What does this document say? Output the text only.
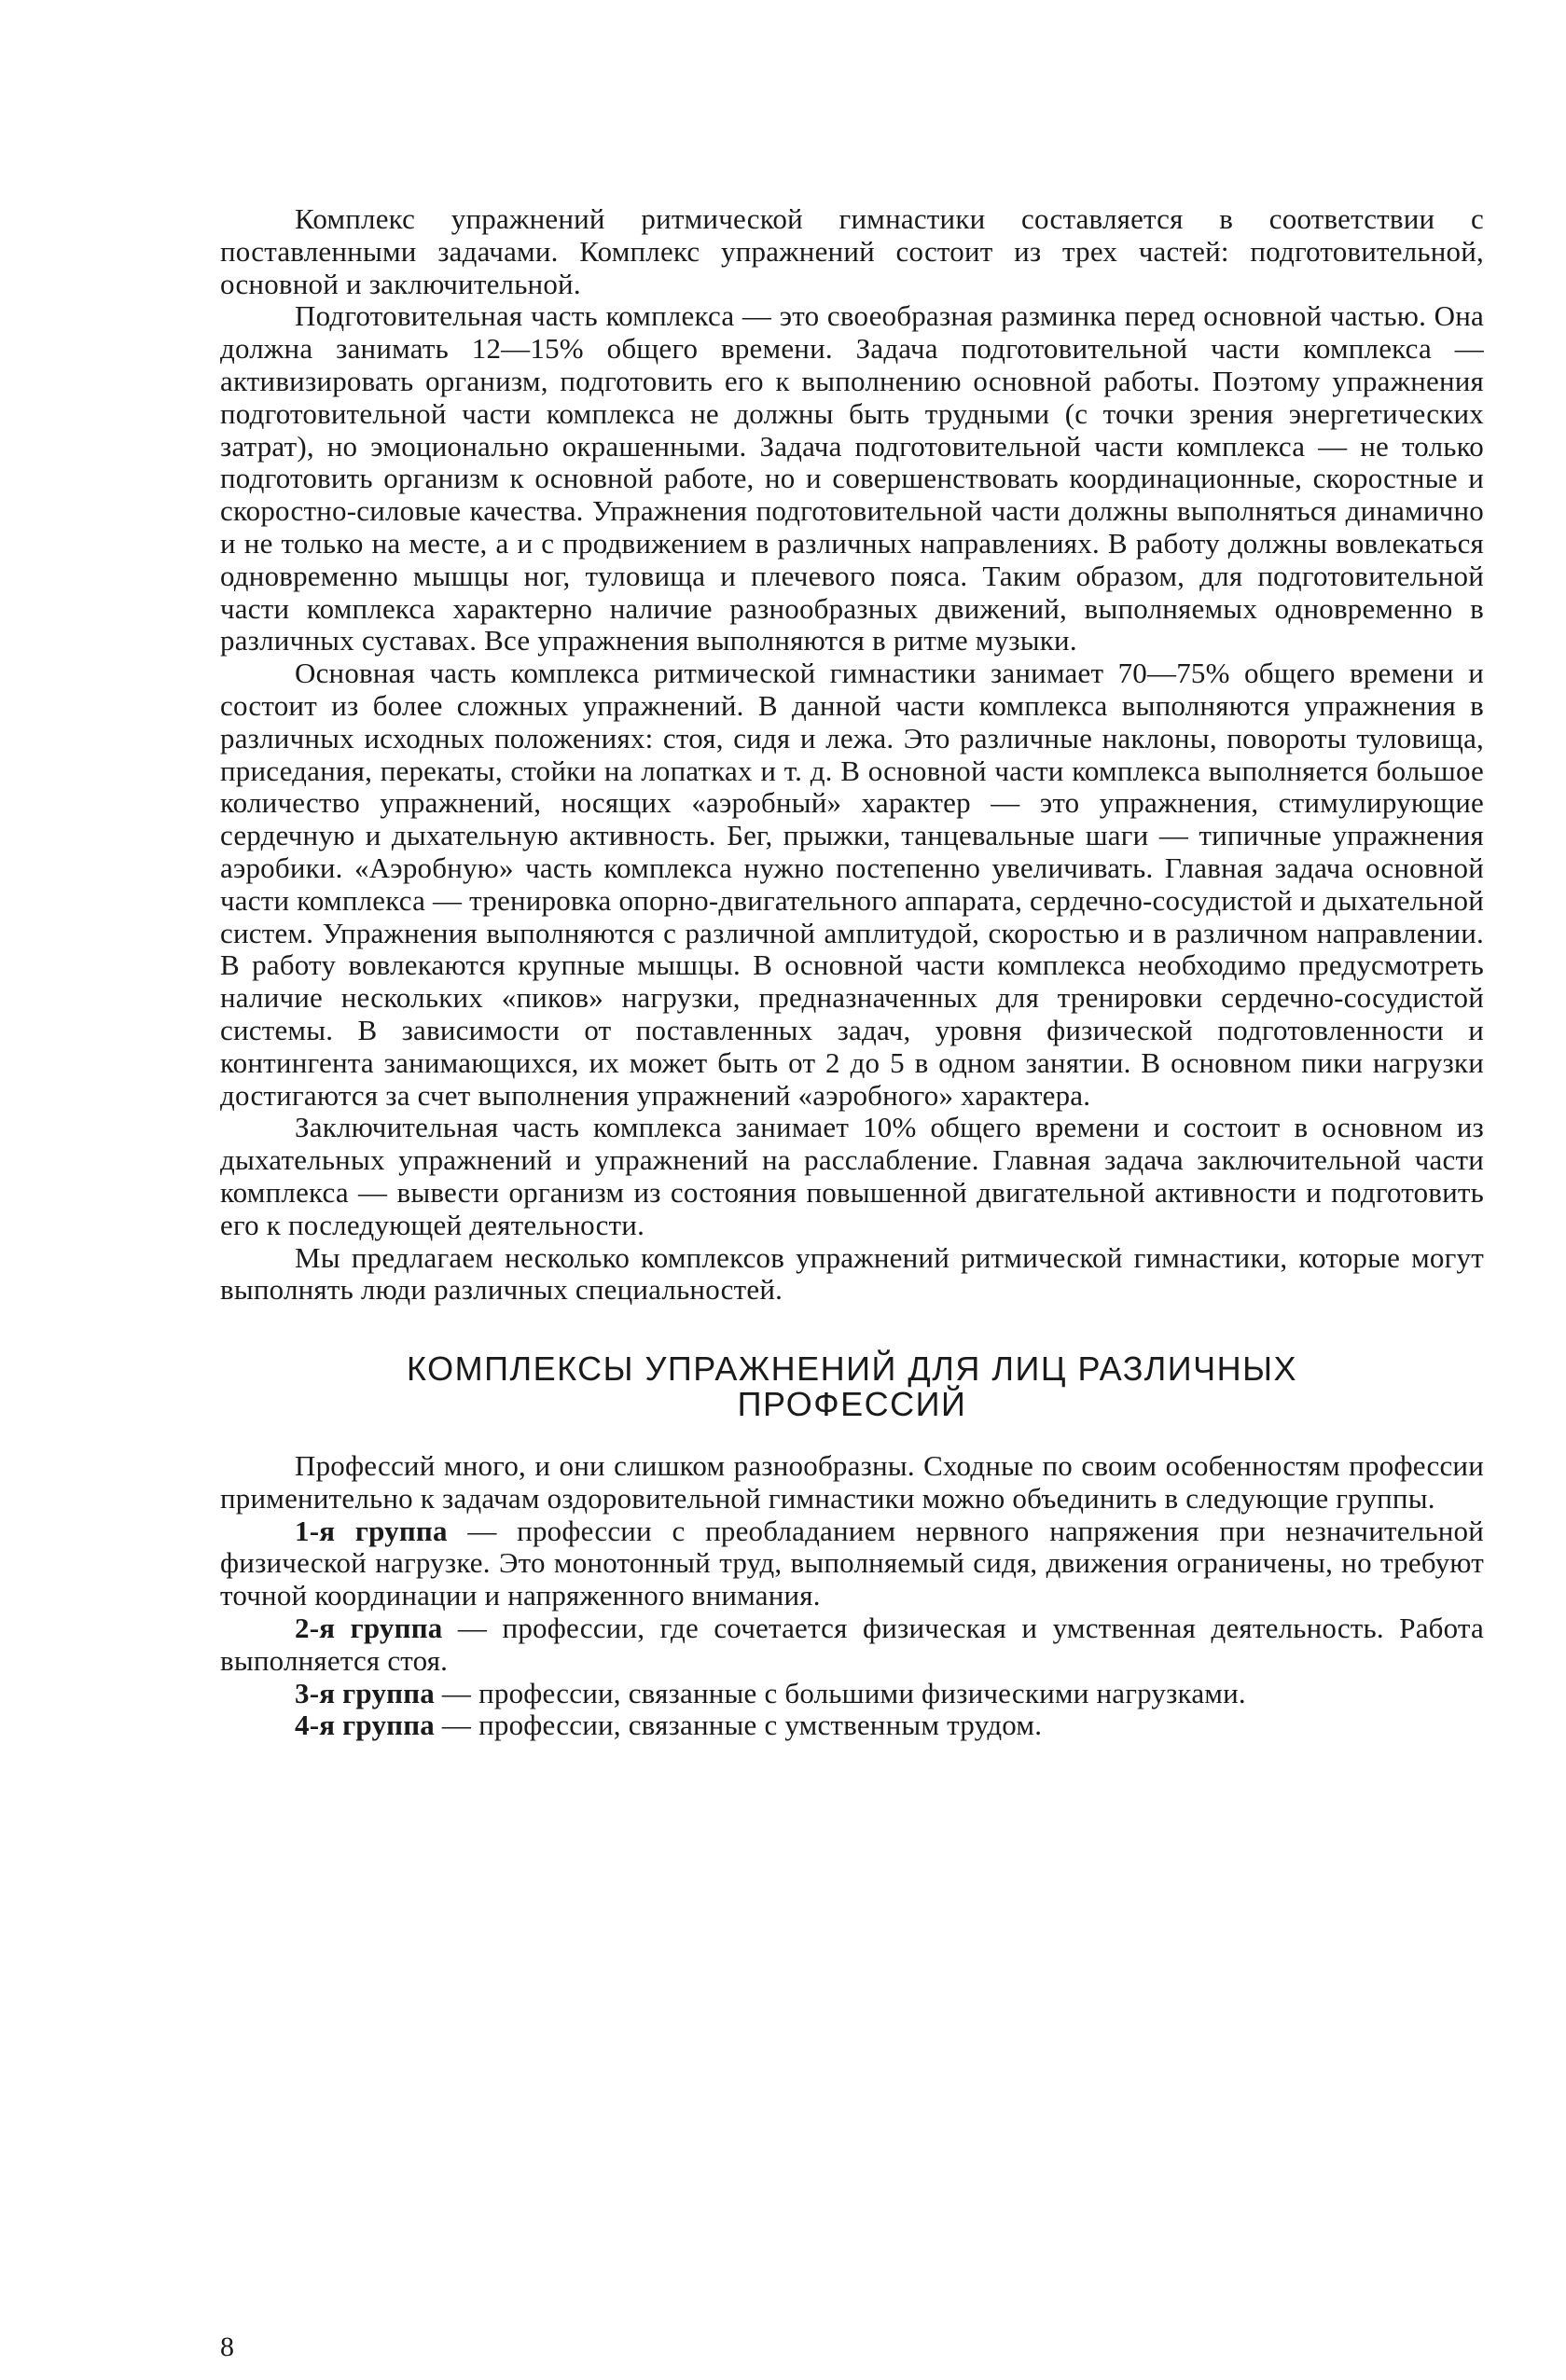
Комплекс упражнений ритмической гимнастики составляется в соответствии с поставленными задачами. Комплекс упражнений состоит из трех частей: подготовительной, основной и заключительной.

Подготовительная часть комплекса — это своеобразная разминка перед основной частью. Она должна занимать 12—15% общего времени. Задача подготовительной части комплекса — активизировать организм, подготовить его к выполнению основной работы. Поэтому упражнения подготовительной части комплекса не должны быть трудными (с точки зрения энергетических затрат), но эмоционально окрашенными. Задача подготовительной части комплекса — не только подготовить организм к основной работе, но и совершенствовать координационные, скоростные и скоростно-силовые качества. Упражнения подготовительной части должны выполняться динамично и не только на месте, а и с продвижением в различных направлениях. В работу должны вовлекаться одновременно мышцы ног, туловища и плечевого пояса. Таким образом, для подготовительной части комплекса характерно наличие разнообразных движений, выполняемых одновременно в различных суставах. Все упражнения выполняются в ритме музыки.

Основная часть комплекса ритмической гимнастики занимает 70—75% общего времени и состоит из более сложных упражнений. В данной части комплекса выполняются упражнения в различных исходных положениях: стоя, сидя и лежа. Это различные наклоны, повороты туловища, приседания, перекаты, стойки на лопатках и т. д. В основной части комплекса выполняется большое количество упражнений, носящих «аэробный» характер — это упражнения, стимулирующие сердечную и дыхательную активность. Бег, прыжки, танцевальные шаги — типичные упражнения аэробики. «Аэробную» часть комплекса нужно постепенно увеличивать. Главная задача основной части комплекса — тренировка опорно-двигательного аппарата, сердечно-сосудистой и дыхательной систем. Упражнения выполняются с различной амплитудой, скоростью и в различном направлении. В работу вовлекаются крупные мышцы. В основной части комплекса необходимо предусмотреть наличие нескольких «пиков» нагрузки, предназначенных для тренировки сердечно-сосудистой системы. В зависимости от поставленных задач, уровня физической подготовленности и контингента занимающихся, их может быть от 2 до 5 в одном занятии. В основном пики нагрузки достигаются за счет выполнения упражнений «аэробного» характера.

Заключительная часть комплекса занимает 10% общего времени и состоит в основном из дыхательных упражнений и упражнений на расслабление. Главная задача заключительной части комплекса — вывести организм из состояния повышенной двигательной активности и подготовить его к последующей деятельности.

Мы предлагаем несколько комплексов упражнений ритмической гимнастики, которые могут выполнять люди различных специальностей.

КОМПЛЕКСЫ УПРАЖНЕНИЙ ДЛЯ ЛИЦ РАЗЛИЧНЫХ
ПРОФЕССИЙ

Профессий много, и они слишком разнообразны. Сходные по своим особенностям профессии применительно к задачам оздоровительной гимнастики можно объединить в следующие группы.

1-я группа — профессии с преобладанием нервного напряжения при незначительной физической нагрузке. Это монотонный труд, выполняемый сидя, движения ограничены, но требуют точной координации и напряженного внимания.

2-я группа — профессии, где сочетается физическая и умственная деятельность. Работа выполняется стоя.

3-я группа — профессии, связанные с большими физическими нагрузками.

4-я группа — профессии, связанные с умственным трудом.

8
